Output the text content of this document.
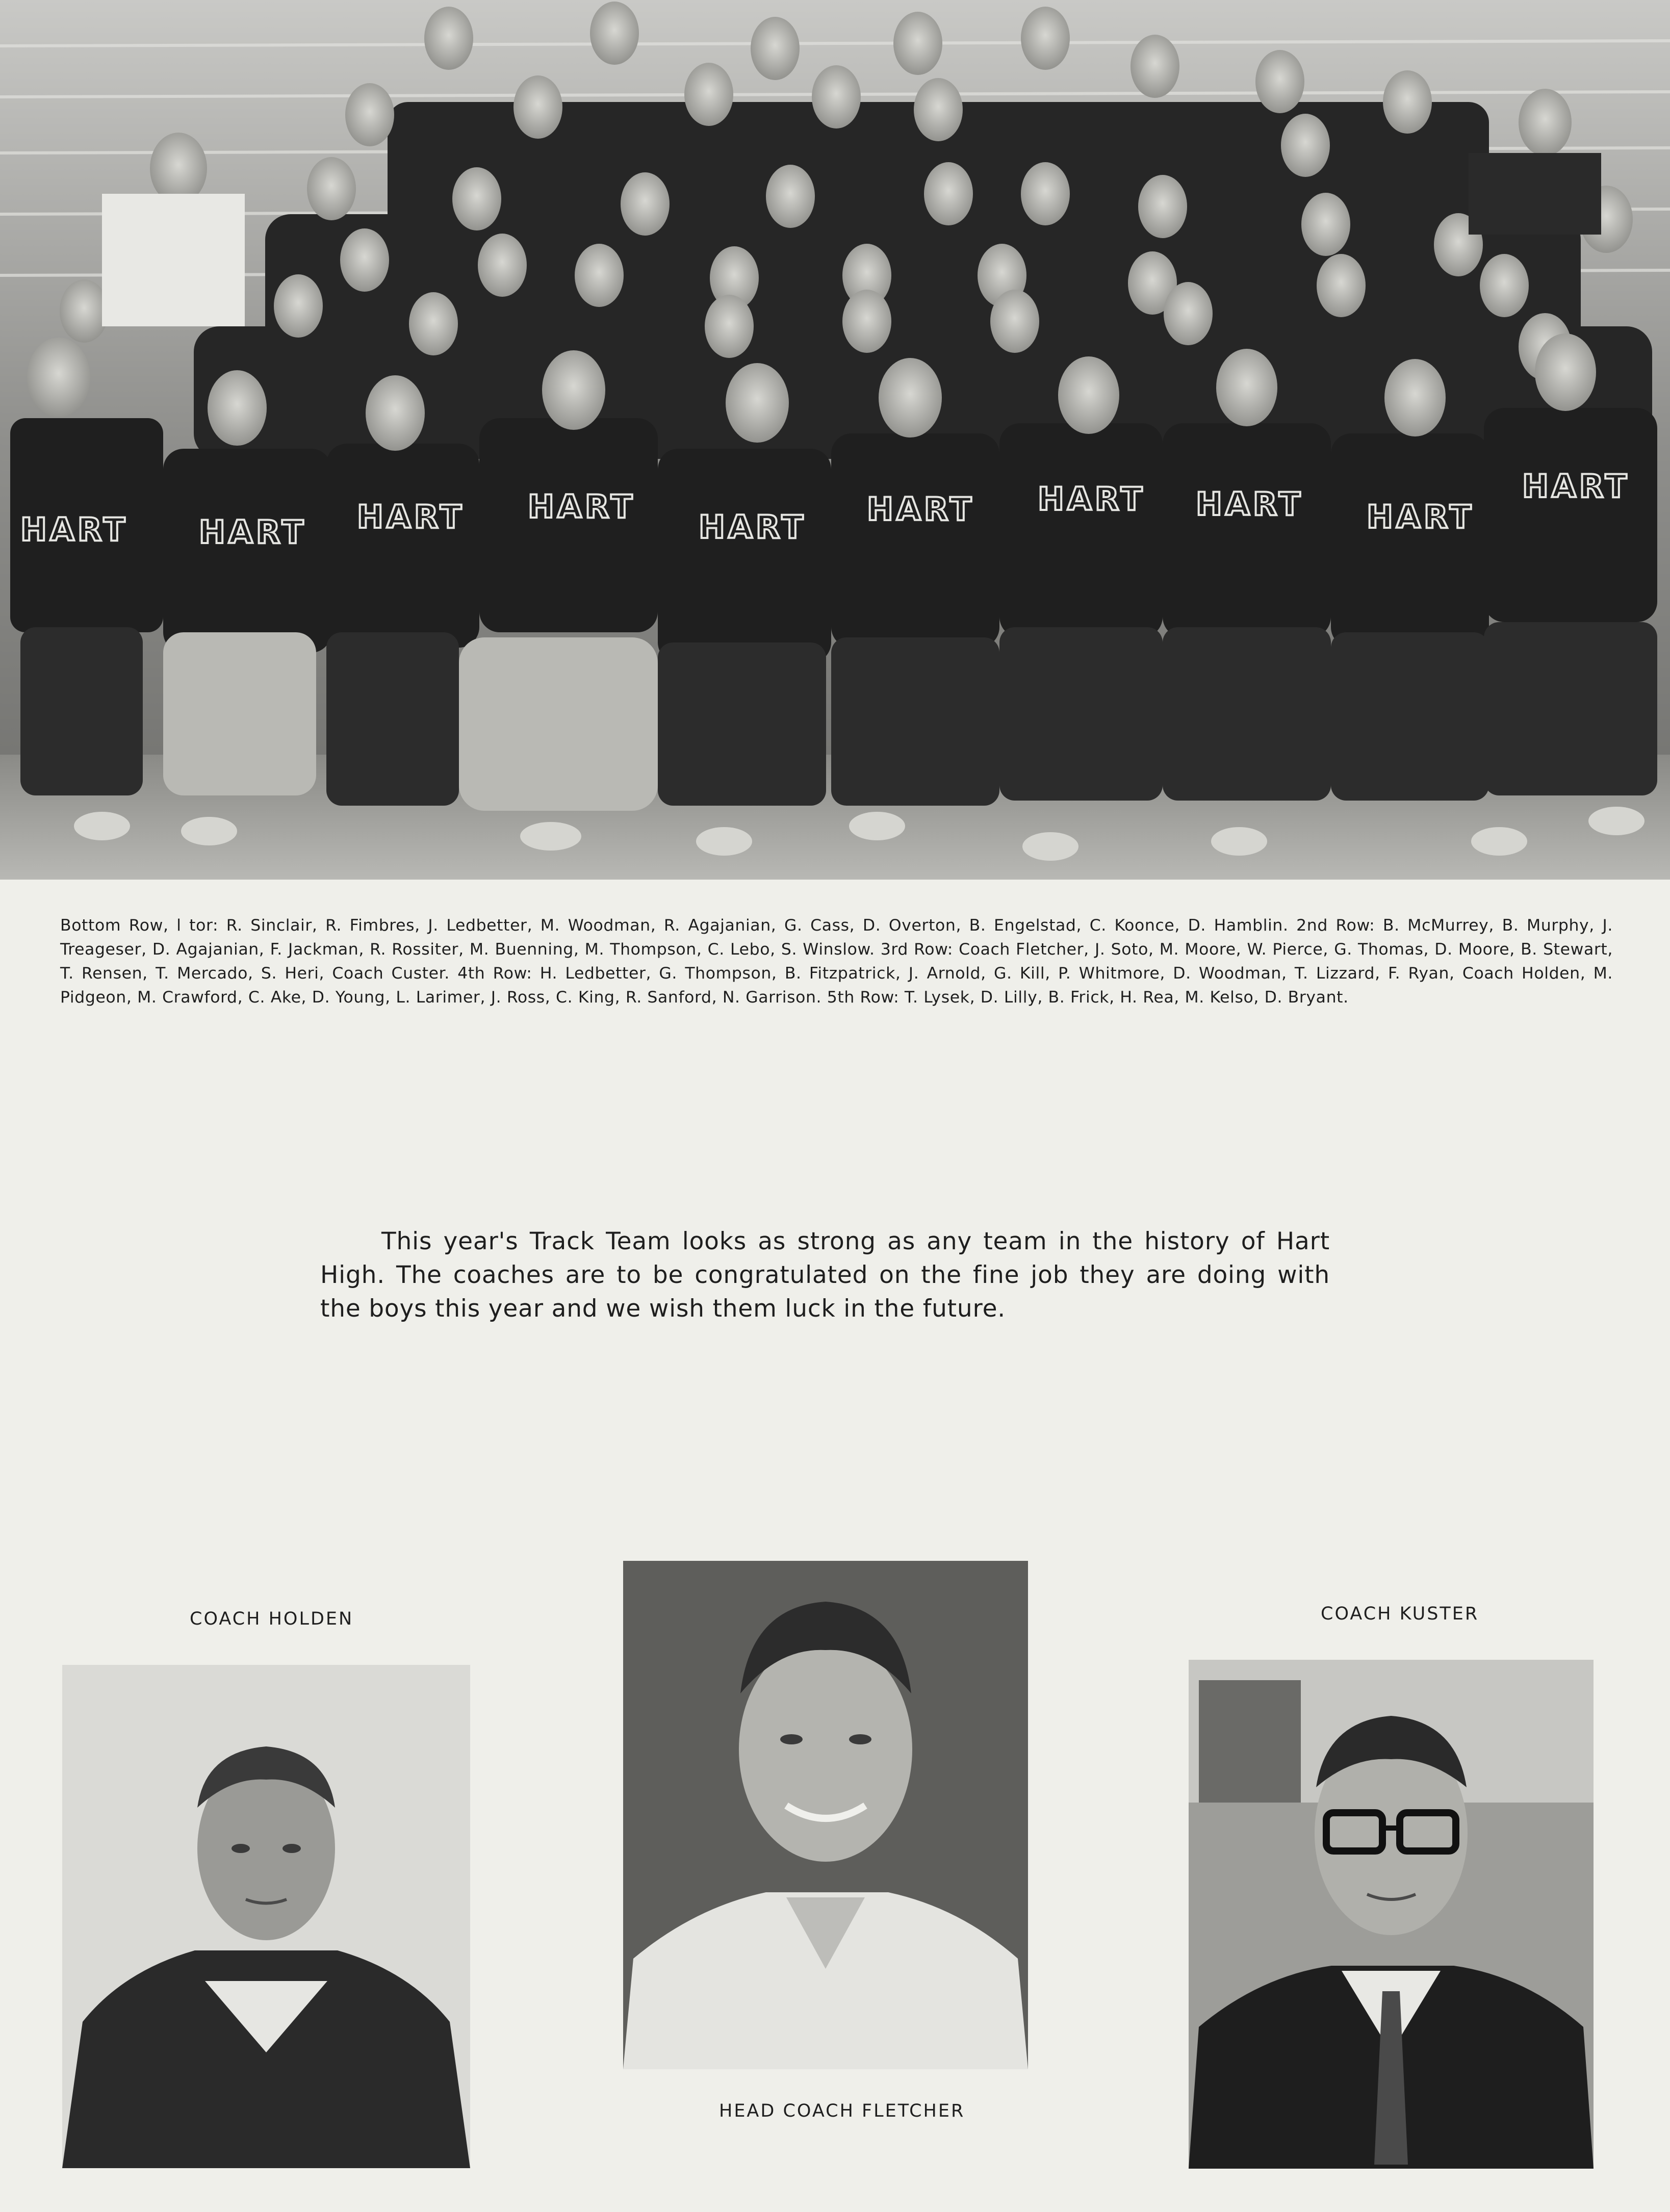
HART HART HART HART
HART HART HART HART HART
HART

Bottom Row, l tor: R. Sinclair, R. Fimbres, J. Ledbetter, M. Woodman, R. Agajanian, G. Cass, D. Overton, B. Engelstad, C. Koonce, D. Hamblin. 2nd Row: B. McMurrey, B. Murphy, J. Treageser, D. Agajanian, F. Jackman, R. Rossiter, M. Buenning, M. Thompson, C. Lebo, S. Winslow. 3rd Row: Coach Fletcher, J. Soto, M. Moore, W. Pierce, G. Thomas, D. Moore, B. Stewart, T. Rensen, T. Mercado, S. Heri, Coach Custer. 4th Row: H. Ledbetter, G. Thompson, B. Fitzpatrick, J. Arnold, G. Kill, P. Whitmore, D. Woodman, T. Lizzard, F. Ryan, Coach Holden, M. Pidgeon, M. Crawford, C. Ake, D. Young, L. Larimer, J. Ross, C. King, R. Sanford, N. Garrison. 5th Row: T. Lysek, D. Lilly, B. Frick, H. Rea, M. Kelso, D. Bryant.

This year's Track Team looks as strong as any team in the history of Hart High. The coaches are to be congratulated on the fine job they are doing with the boys this year and we wish them luck in the future.

COACH HOLDEN	COACH KUSTER

HEAD COACH FLETCHER
